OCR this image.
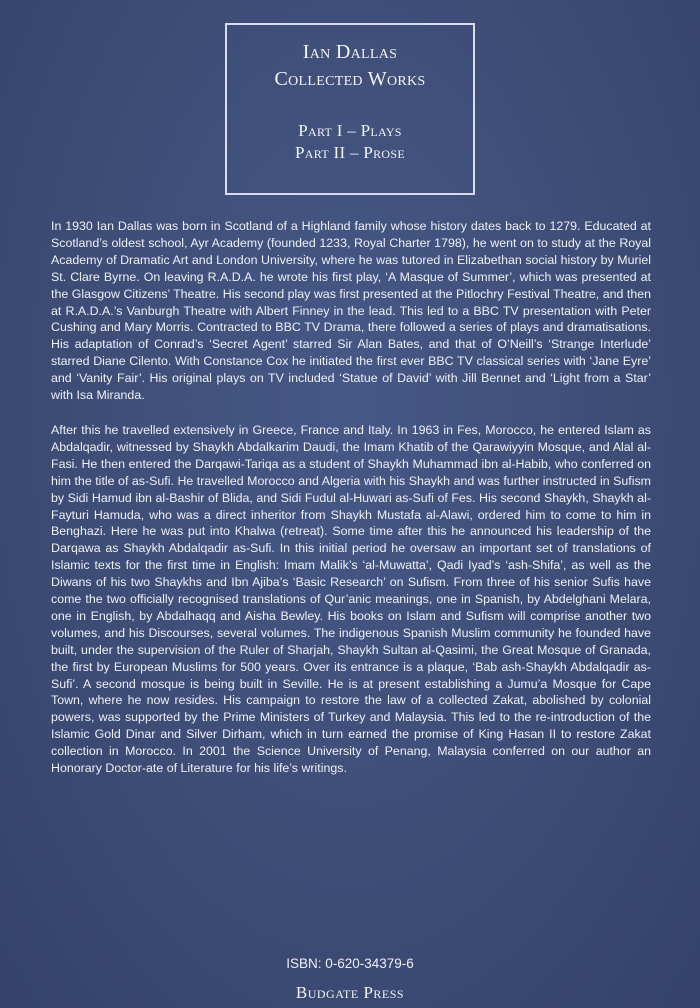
Ian Dallas
Collected Works
Part I – Plays
Part II – Prose

In 1930 Ian Dallas was born in Scotland of a Highland family whose history dates back to 1279. Educated at Scotland’s oldest school, Ayr Academy (founded 1233, Royal Charter 1798), he went on to study at the Royal Academy of Dramatic Art and London University, where he was tutored in Elizabethan social history by Muriel St. Clare Byrne. On leaving R.A.D.A. he wrote his first play, ‘A Masque of Summer’, which was presented at the Glasgow Citizens’ Theatre. His second play was first presented at the Pitlochry Festival Theatre, and then at R.A.D.A.’s Vanburgh Theatre with Albert Finney in the lead. This led to a BBC TV presentation with Peter Cushing and Mary Morris. Contracted to BBC TV Drama, there followed a series of plays and dramatisations. His adaptation of Conrad’s ‘Secret Agent’ starred Sir Alan Bates, and that of O’Neill’s ‘Strange Interlude’ starred Diane Cilento. With Constance Cox he initiated the first ever BBC TV classical series with ‘Jane Eyre’ and ‘Vanity Fair’. His original plays on TV included ‘Statue of David’ with Jill Bennet and ‘Light from a Star’ with Isa Miranda.

After this he travelled extensively in Greece, France and Italy. In 1963 in Fes, Morocco, he entered Islam as Abdalqadir, witnessed by Shaykh Abdalkarim Daudi, the Imam Khatib of the Qarawiyyin Mosque, and Alal al-Fasi. He then entered the Darqawi-Tariqa as a student of Shaykh Muhammad ibn al-Habib, who conferred on him the title of as-Sufi. He travelled Morocco and Algeria with his Shaykh and was further instructed in Sufism by Sidi Hamud ibn al-Bashir of Blida, and Sidi Fudul al-Huwari as-Sufi of Fes. His second Shaykh, Shaykh al-Fayturi Hamuda, who was a direct inheritor from Shaykh Mustafa al-Alawi, ordered him to come to him in Benghazi. Here he was put into Khalwa (retreat). Some time after this he announced his leadership of the Darqawa as Shaykh Abdalqadir as-Sufi. In this initial period he oversaw an important set of translations of Islamic texts for the first time in English: Imam Malik’s ‘al-Muwatta’, Qadi Iyad’s ‘ash-Shifa’, as well as the Diwans of his two Shaykhs and Ibn Ajiba’s ‘Basic Research’ on Sufism. From three of his senior Sufis have come the two officially recognised translations of Qur’anic meanings, one in Spanish, by Abdelghani Melara, one in English, by Abdalhaqq and Aisha Bewley. His books on Islam and Sufism will comprise another two volumes, and his Discourses, several volumes. The indigenous Spanish Muslim community he founded have built, under the supervision of the Ruler of Sharjah, Shaykh Sultan al-Qasimi, the Great Mosque of Granada, the first by European Muslims for 500 years. Over its entrance is a plaque, ‘Bab ash-Shaykh Abdalqadir as-Sufi’. A second mosque is being built in Seville. He is at present establishing a Jumu’a Mosque for Cape Town, where he now resides. His campaign to restore the law of a collected Zakat, abolished by colonial powers, was supported by the Prime Ministers of Turkey and Malaysia. This led to the re-introduction of the Islamic Gold Dinar and Silver Dirham, which in turn earned the promise of King Hasan II to restore Zakat collection in Morocco. In 2001 the Science University of Penang, Malaysia conferred on our author an Honorary Doctor-ate of Literature for his life’s writings.

ISBN: 0-620-34379-6
Budgate Press
